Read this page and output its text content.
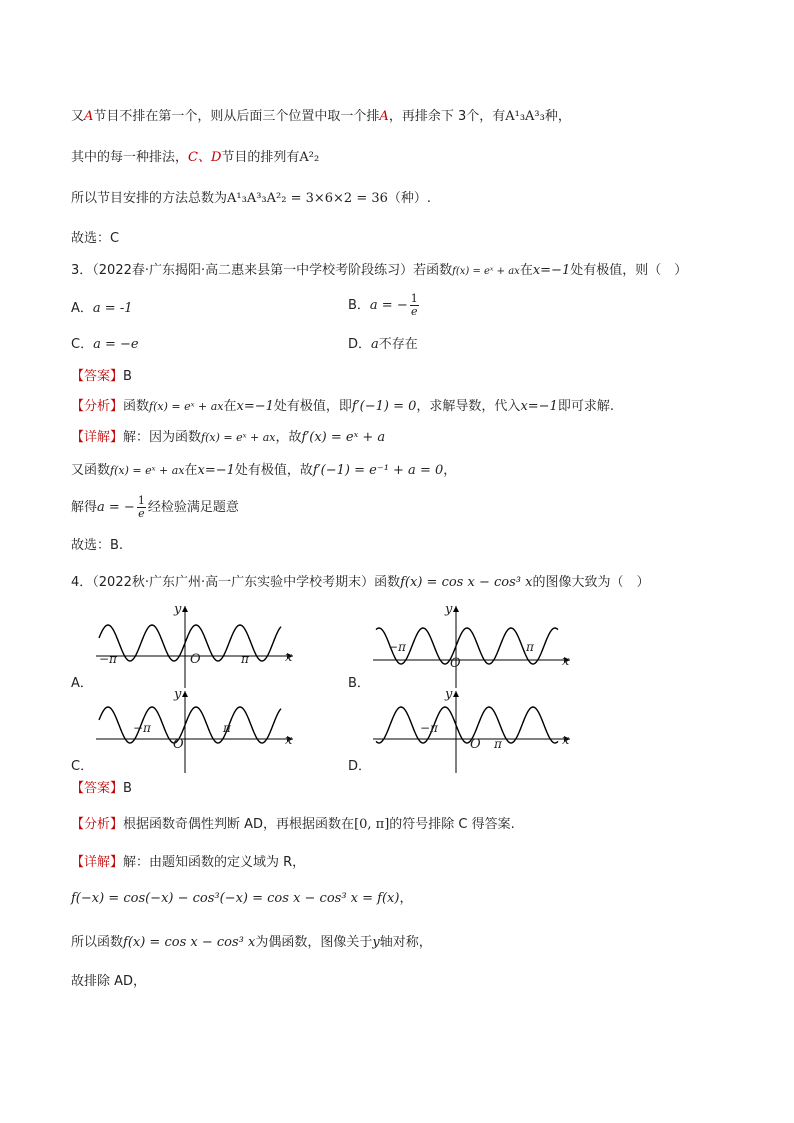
又A节目不排在第一个，则从后面三个位置中取一个排A，再排余下 3个，有A¹₃A³₃种，
其中的每一种排法，C、D节目的排列有A²₂
所以节目安排的方法总数为A¹₃A³₃A²₂ = 3×6×2 = 36（种）.
故选：C
3．（2022春·广东揭阳·高二惠来县第一中学校考阶段练习）若函数f(x) = eˣ + ax在x=−1处有极值，则（　）
A．a = -1	B．a = − $\frac{1}{e}$
C．a = −e	D．a不存在
【答案】B
【分析】函数f(x) = eˣ + ax在x=−1处有极值，即f′(−1) = 0，求解导数，代入x=−1即可求解.
【详解】解：因为函数f(x) = eˣ + ax，故f′(x) = eˣ + a
又函数f(x) = eˣ + ax在x=−1处有极值，故f′(−1) = e⁻¹ + a = 0，
解得a = − $\frac{1}{e}$ 经检验满足题意
故选：B.
4．（2022秋·广东广州·高一广东实验中学校考期末）函数f(x) = cos x − cos³ x的图像大致为（　）
A．
y
−π	O	π	x
B．
y
−π
O
π
x
C．
y
−π
O
π
x
D．
y
−π
O π	x
【答案】B
【分析】根据函数奇偶性判断 AD，再根据函数在[0, π]的符号排除 C 得答案.
【详解】解：由题知函数的定义域为 R，
f(−x) = cos(−x) − cos³(−x) = cos x − cos³ x = f(x)，
所以函数f(x) = cos x − cos³ x为偶函数，图像关于y轴对称，
故排除 AD，
